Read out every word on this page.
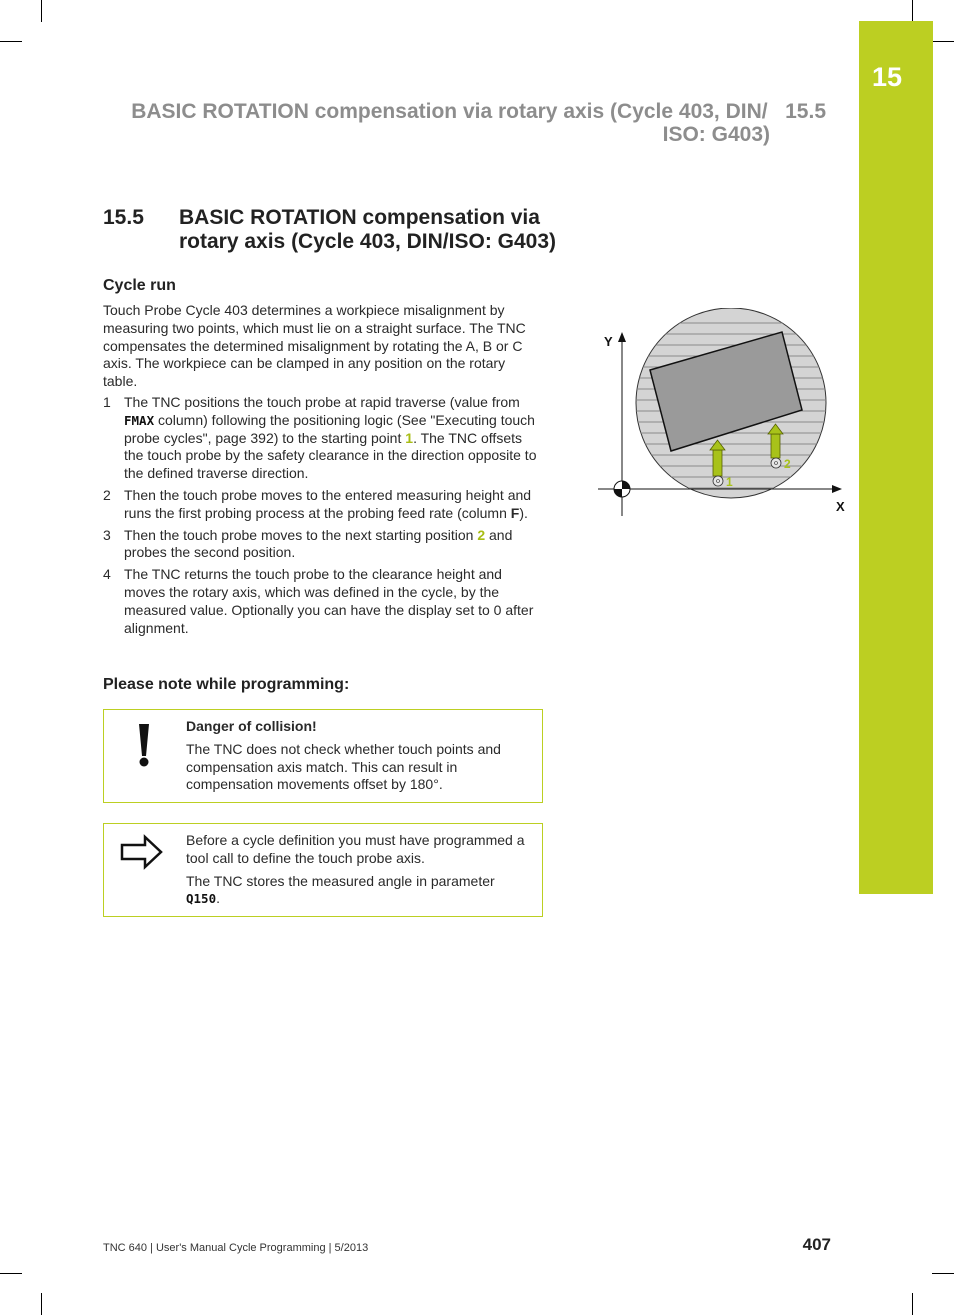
15
BASIC ROTATION compensation via rotary axis (Cycle 403, DIN/ 15.5
ISO: G403)
15.5 BASIC ROTATION compensation via
rotary axis (Cycle 403, DIN/ISO: G403)
Cycle run
Touch Probe Cycle 403 determines a workpiece misalignment by measuring two points, which must lie on a straight surface. The TNC compensates the determined misalignment by rotating the A, B or C axis. The workpiece can be clamped in any position on the rotary table.
1 The TNC positions the touch probe at rapid traverse (value from FMAX column) following the positioning logic (See "Executing touch probe cycles", page 392) to the starting point 1. The TNC offsets the touch probe by the safety clearance in the direction opposite to the defined traverse direction.
2 Then the touch probe moves to the entered measuring height and runs the first probing process at the probing feed rate (column F).
3 Then the touch probe moves to the next starting position 2 and probes the second position.
4 The TNC returns the touch probe to the clearance height and moves the rotary axis, which was defined in the cycle, by the measured value. Optionally you can have the display set to 0 after alignment.
Please note while programming:
Danger of collision!
The TNC does not check whether touch points and compensation axis match. This can result in compensation movements offset by 180°.
Before a cycle definition you must have programmed a tool call to define the touch probe axis.
The TNC stores the measured angle in parameter
Q150.
Y
X
1
2
TNC 640 | User's Manual Cycle Programming | 5/2013	407
